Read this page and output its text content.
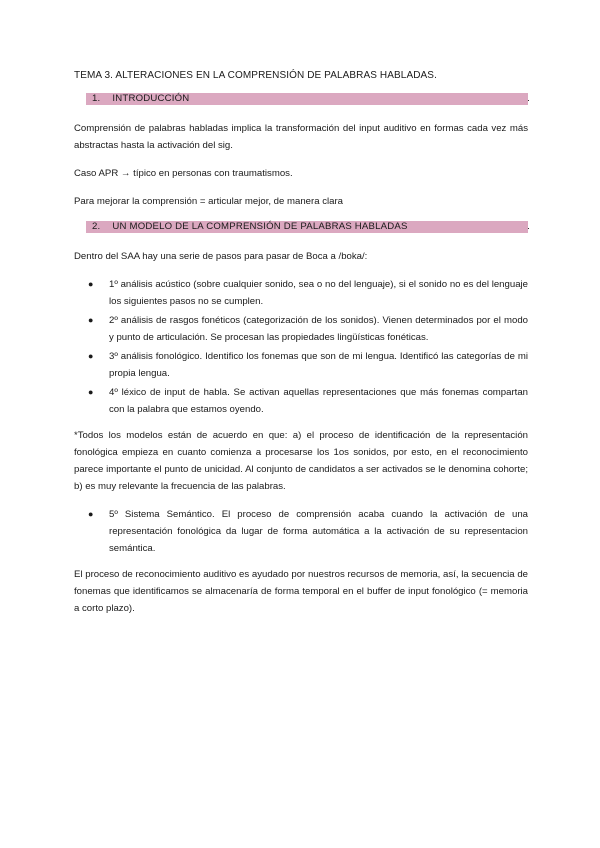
TEMA 3. ALTERACIONES EN LA COMPRENSIÓN DE PALABRAS HABLADAS.
1. INTRODUCCIÓN	.

Comprensión de palabras habladas implica la transformación del input auditivo en formas cada vez más abstractas hasta la activación del sig.

Caso APR → típico en personas con traumatismos.

Para mejorar la comprensión = articular mejor, de manera clara

2. UN MODELO DE LA COMPRENSIÓN DE PALABRAS HABLADAS	.

Dentro del SAA hay una serie de pasos para pasar de Boca a /boka/:

● 1º análisis acústico (sobre cualquier sonido, sea o no del lenguaje), si el sonido no es del lenguaje los siguientes pasos no se cumplen.
● 2º análisis de rasgos fonéticos (categorización de los sonidos). Vienen determinados por el modo y punto de articulación. Se procesan las propiedades lingüísticas fonéticas.
● 3º análisis fonológico. Identifico los fonemas que son de mi lengua. Identificó las categorías de mi propia lengua.
● 4º léxico de input de habla. Se activan aquellas representaciones que más fonemas compartan con la palabra que estamos oyendo.

*Todos los modelos están de acuerdo en que: a) el proceso de identificación de la representación fonológica empieza en cuanto comienza a procesarse los 1os sonidos, por esto, en el reconocimiento parece importante el punto de unicidad. Al conjunto de candidatos a ser activados se le denomina cohorte; b) es muy relevante la frecuencia de las palabras.

● 5º Sistema Semántico. El proceso de comprensión acaba cuando la activación de una representación fonológica da lugar de forma automática a la activación de su representacion semántica.

El proceso de reconocimiento auditivo es ayudado por nuestros recursos de memoria, así, la secuencia de fonemas que identificamos se almacenaría de forma temporal en el buffer de input fonológico (= memoria a corto plazo).
